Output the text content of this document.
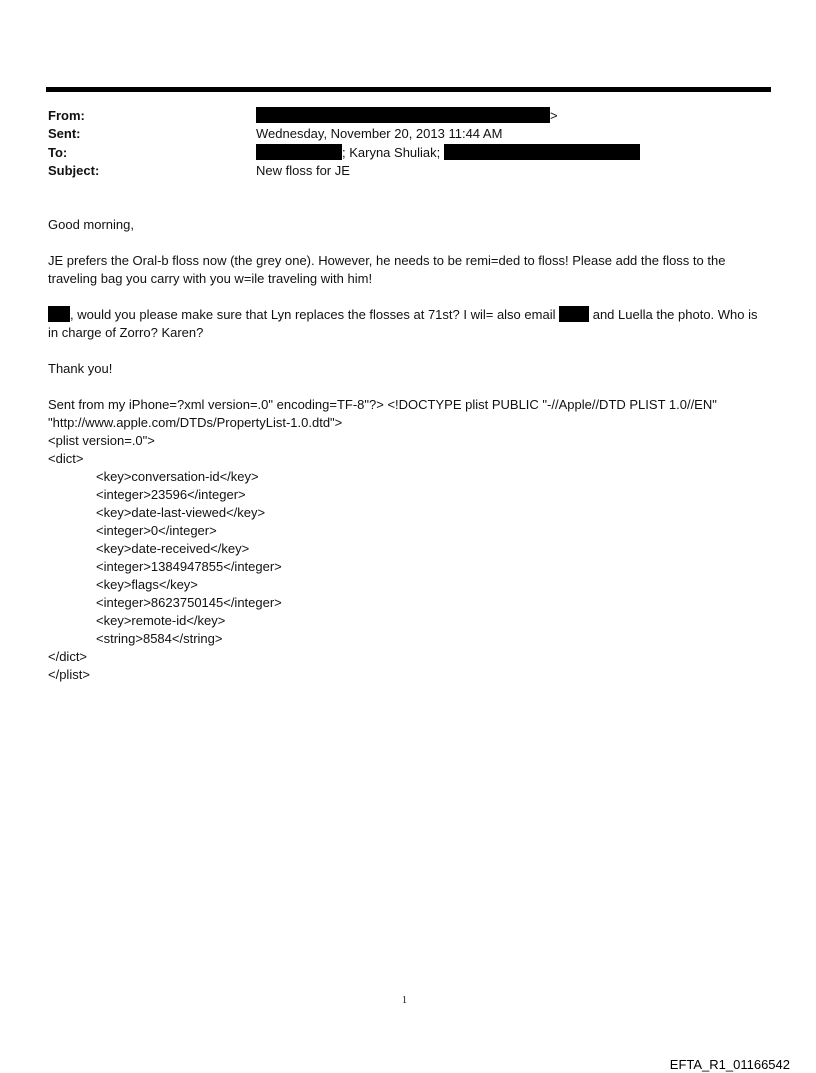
From:	>
Sent:	Wednesday, November 20, 2013 11:44 AM
To:	; Karyna Shuliak;
Subject:	New floss for JE
Good morning,
JE prefers the Oral-b floss now (the grey one). However, he needs to be remi=ded to floss! Please add the floss to the traveling bag you carry with you w=ile traveling with him!
, would you please make sure that Lyn replaces the flosses at 71st? I wil= also email	and Luella the photo. Who is in charge of Zorro? Karen?
Thank you!
Sent from my iPhone=?xml version=.0" encoding=TF-8"?> <!DOCTYPE plist PUBLIC "-//Apple//DTD PLIST 1.0//EN"
"http://www.apple.com/DTDs/PropertyList-1.0.dtd">
<plist version=.0">
<dict>
<key>conversation-id</key>
<integer>23596</integer>
<key>date-last-viewed</key>
<integer>0</integer>
<key>date-received</key>
<integer>1384947855</integer>
<key>flags</key>
<integer>8623750145</integer>
<key>remote-id</key>
<string>8584</string>
</dict>
</plist>
1
EFTA_R1_01166542
